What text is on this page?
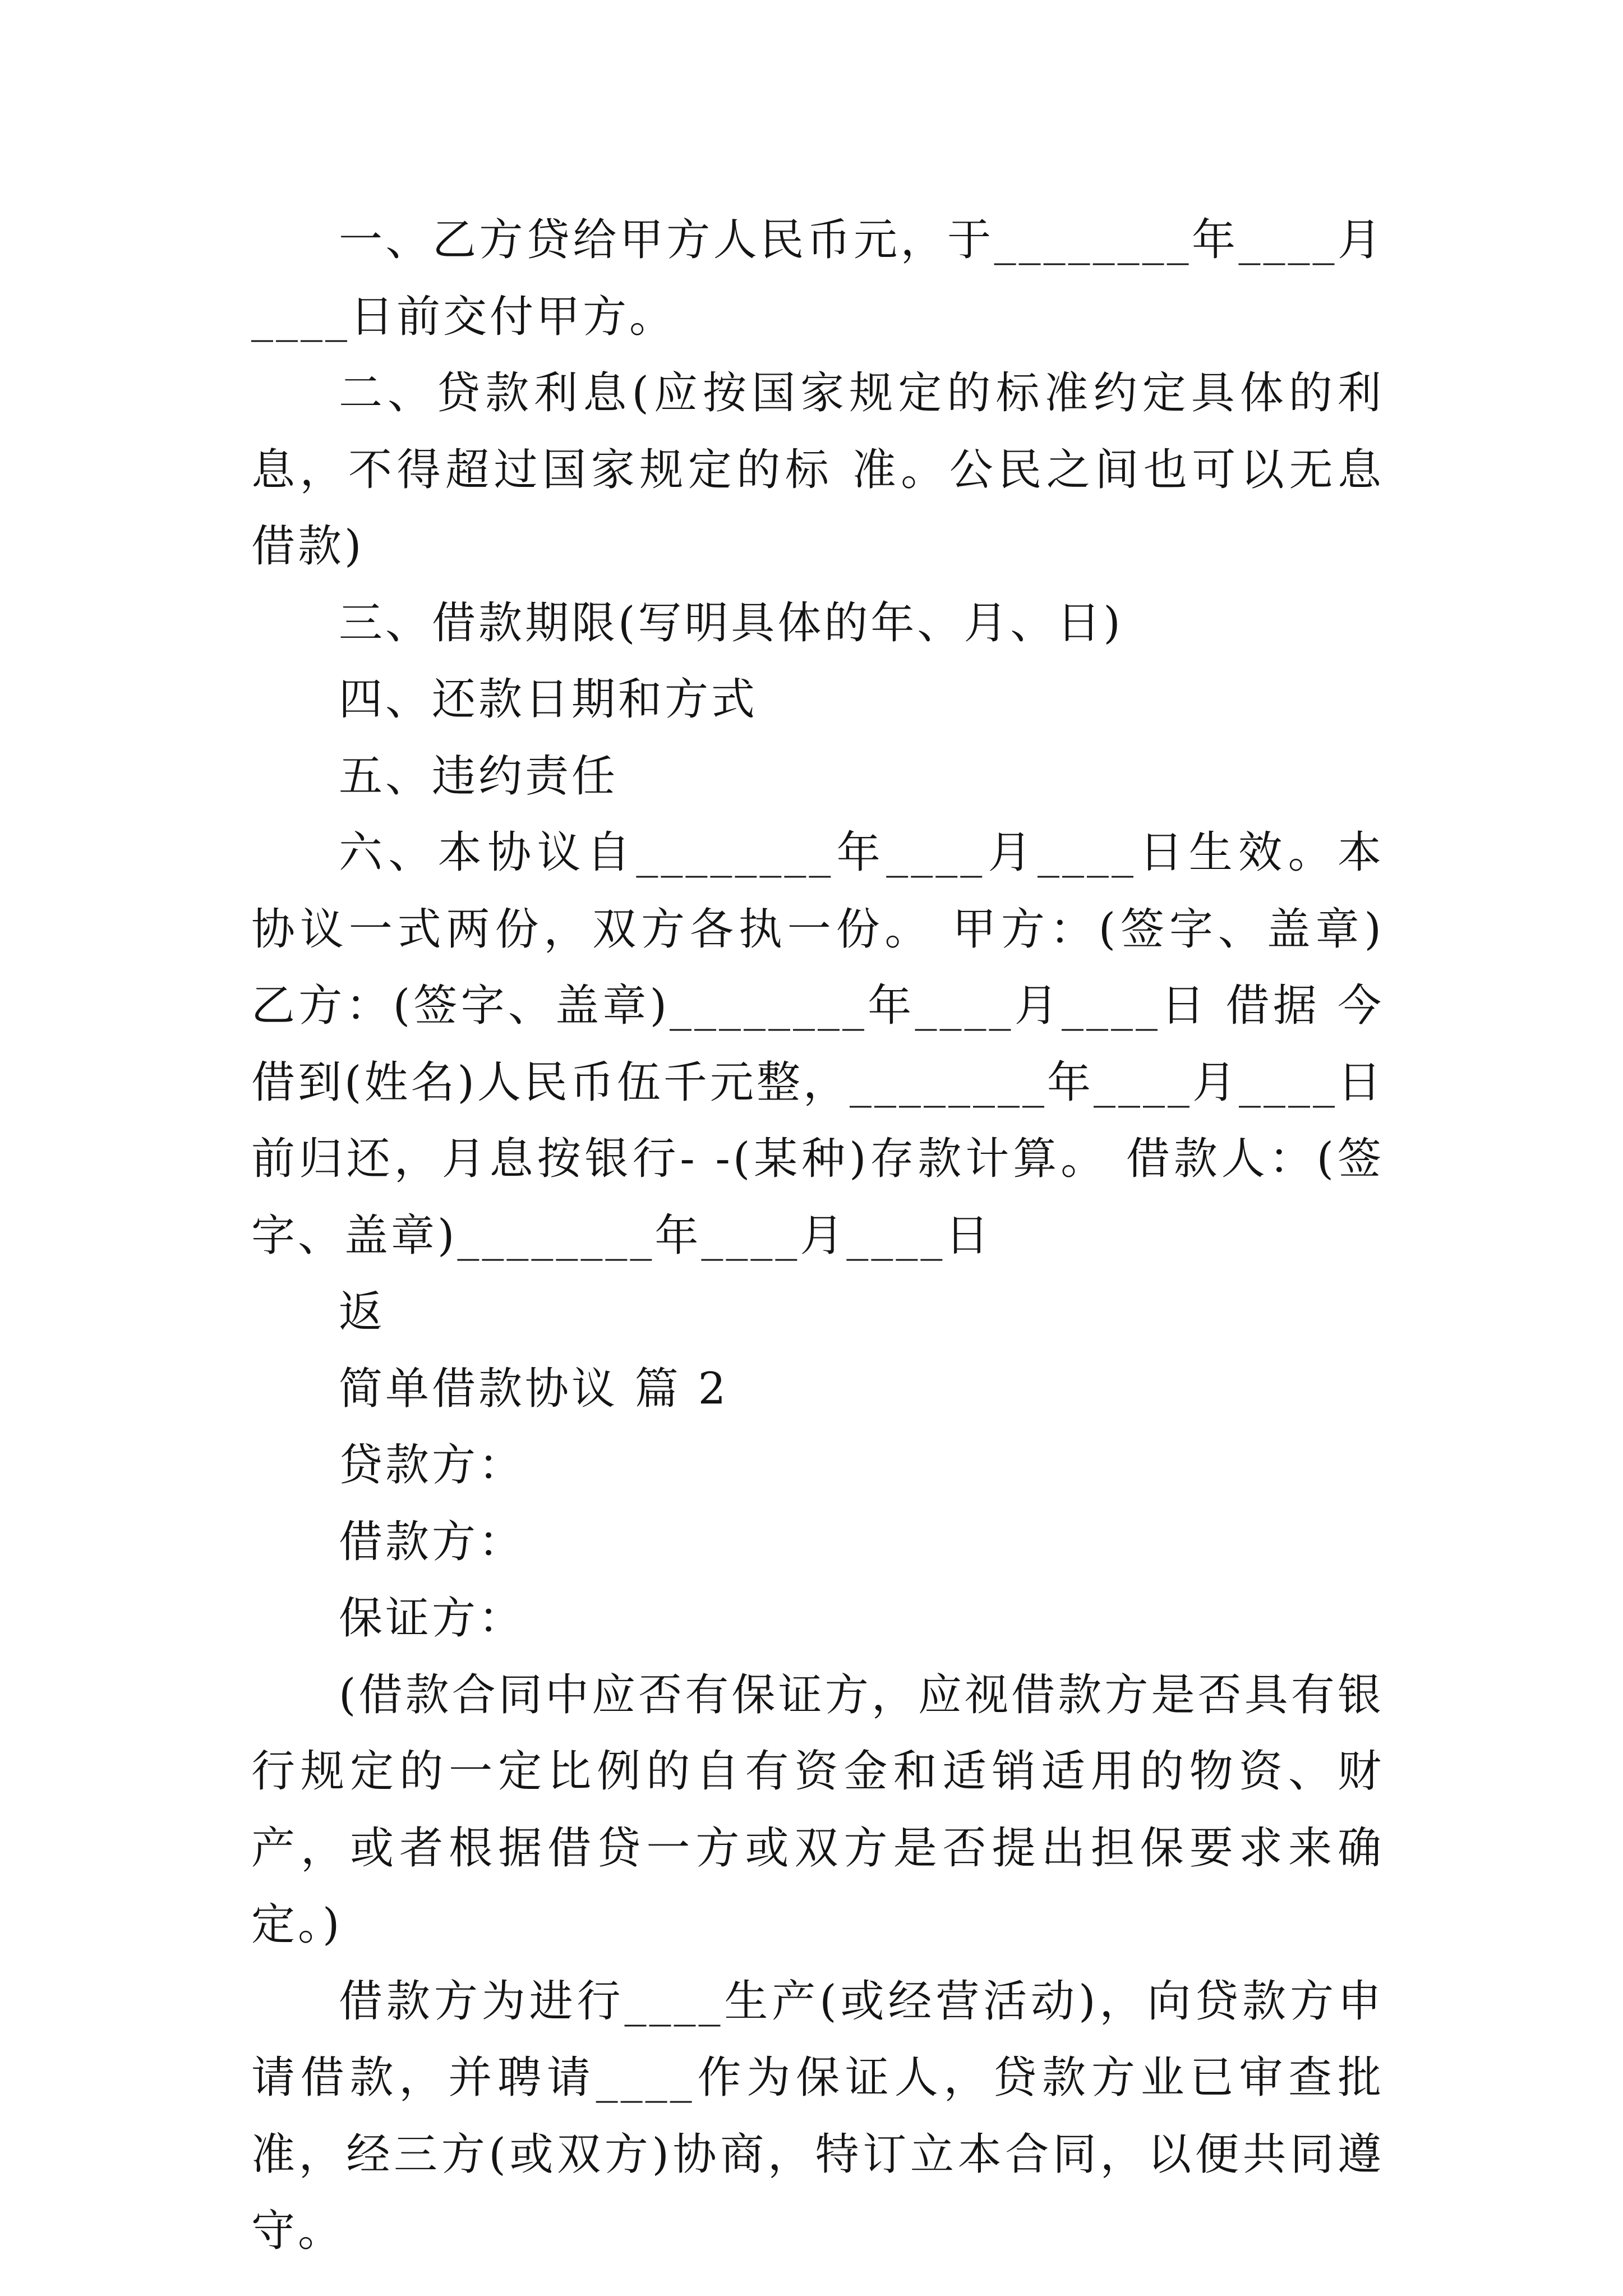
一、乙方贷给甲方人民币元，于________年____月____日前交付甲方。

二、贷款利息(应按国家规定的标准约定具体的利息，不得超过国家规定的标 准。公民之间也可以无息借款)

三、借款期限(写明具体的年、月、日)

四、还款日期和方式

五、违约责任

六、本协议自________年____月____日生效。本协议一式两份，双方各执一份。 甲方：(签字、盖章) 乙方：(签字、盖章)________年____月____日 借据 今借到(姓名)人民币伍千元整，________年____月____日前归还，月息按银行- -(某种)存款计算。 借款人：(签字、盖章)________年____月____日

返

简单借款协议 篇 2

贷款方：

借款方：

保证方：

(借款合同中应否有保证方，应视借款方是否具有银行规定的一定比例的自有资金和适销适用的物资、财产，或者根据借贷一方或双方是否提出担保要求来确定。)

借款方为进行____生产(或经营活动)，向贷款方申请借款，并聘请____作为保证人，贷款方业已审查批准，经三方(或双方)协商，特订立本合同，以便共同遵守。
